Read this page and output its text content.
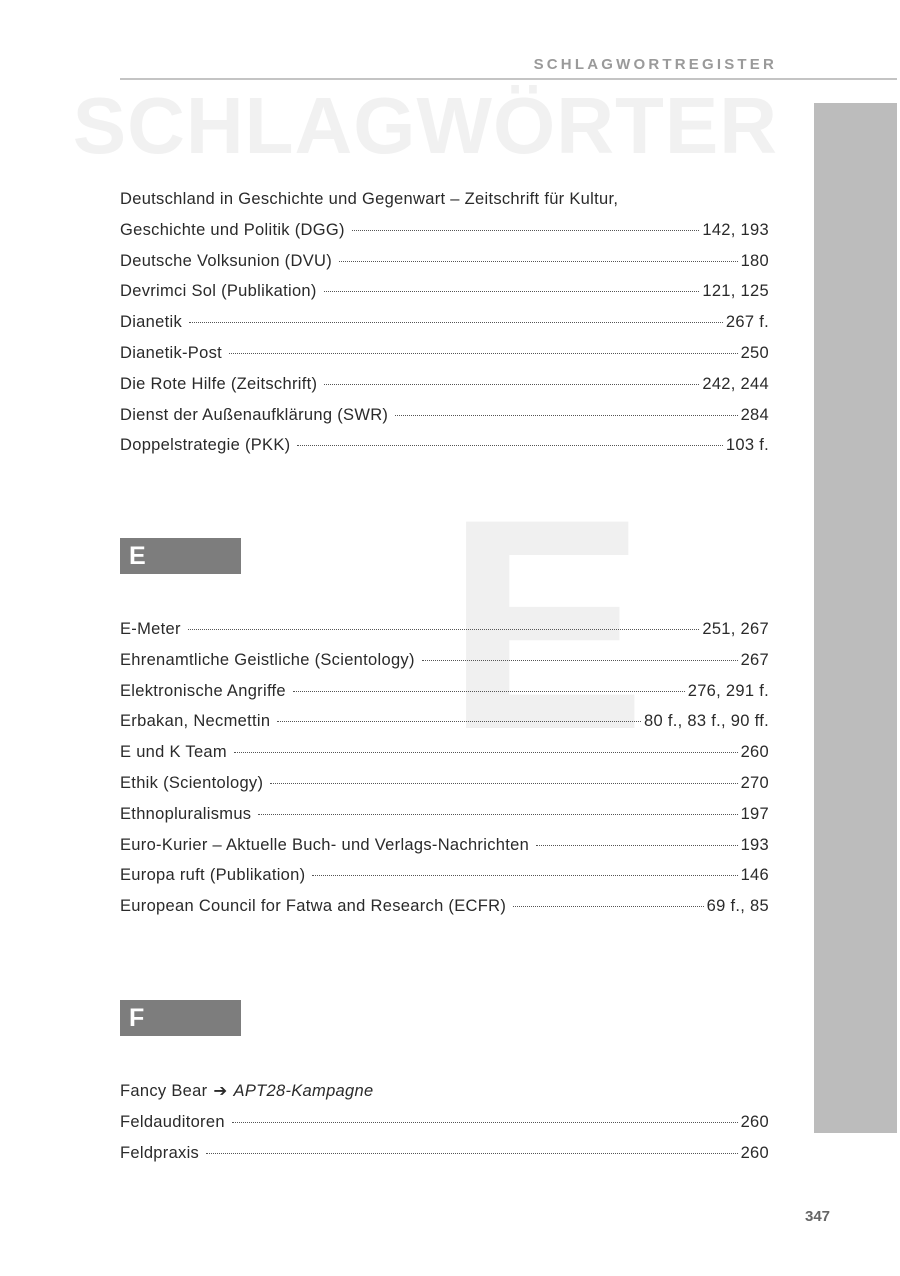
SCHLAGWÖRTER
E
SCHLAGWORTREGISTER
Deutschland in Geschichte und Gegenwart – Zeitschrift für Kultur,
Geschichte und Politik (DGG)	142, 193
Deutsche Volksunion (DVU)	180
Devrimci Sol (Publikation)	121, 125
Dianetik	267 f.
Dianetik-Post	250
Die Rote Hilfe (Zeitschrift)	242, 244
Dienst der Außenaufklärung (SWR)	284
Doppelstrategie (PKK)	103 f.
E
E-Meter	251, 267
Ehrenamtliche Geistliche (Scientology)	267
Elektronische Angriffe	276, 291 f.
Erbakan, Necmettin	80 f., 83 f., 90 ff.
E und K Team	260
Ethik (Scientology)	270
Ethnopluralismus	197
Euro-Kurier – Aktuelle Buch- und Verlags-Nachrichten	193
Europa ruft (Publikation)	146
European Council for Fatwa and Research (ECFR)	69 f., 85
F
Fancy Bear ➔ APT28-Kampagne
Feldauditoren	260
Feldpraxis	260
347
